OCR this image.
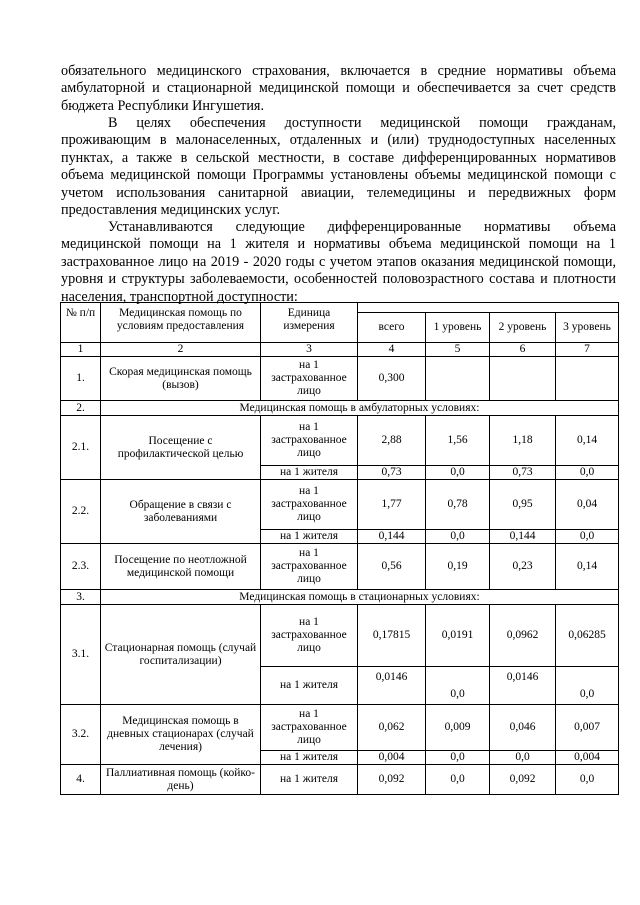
обязательного медицинского страхования, включается в средние нормативы объема амбулаторной и стационарной медицинской помощи и обеспечивается за счет средств бюджета Республики Ингушетия.

В целях обеспечения доступности медицинской помощи гражданам, проживающим в малонаселенных, отдаленных и (или) труднодоступных населенных пунктах, а также в сельской местности, в составе дифференцированных нормативов объема медицинской помощи Программы установлены объемы медицинской помощи с учетом использования санитарной авиации, телемедицины и передвижных форм предоставления медицинских услуг.

Устанавливаются следующие дифференцированные нормативы объема медицинской помощи на 1 жителя и нормативы объема медицинской помощи на 1 застрахованное лицо на 2019 - 2020 годы с учетом этапов оказания медицинской помощи, уровня и структуры заболеваемости, особенностей половозрастного состава и плотности населения, транспортной доступности:

№ п/п	Медицинская помощь по условиям предоставления	Единица измерения				
			всего	1 уровень	2 уровень	3 уровень
1	2	3	4	5	6	7
1.	Скорая медицинская помощь (вызов)	на 1 застрахованное лицо	0,300			
2.	Медицинская помощь в амбулаторных условиях:					
2.1.	Посещение с профилактической целью	на 1 застрахованное лицо	2,88	1,56	1,18	0,14
		на 1 жителя	0,73	0,0	0,73	0,0
2.2.	Обращение в связи с заболеваниями	на 1 застрахованное лицо	1,77	0,78	0,95	0,04
		на 1 жителя	0,144	0,0	0,144	0,0
2.3.	Посещение по неотложной медицинской помощи	на 1 застрахованное лицо	0,56	0,19	0,23	0,14
3.	Медицинская помощь в стационарных условиях:					
3.1.	Стационарная помощь (случай госпитализации)	на 1 застрахованное лицо	0,17815	0,0191	0,0962	0,06285
		на 1 жителя	0,0146	0,0	0,0146	0,0
3.2.	Медицинская помощь в дневных стационарах (случай лечения)	на 1 застрахованное лицо	0,062	0,009	0,046	0,007
		на 1 жителя	0,004	0,0	0,0	0,004
4.	Паллиативная помощь (койко-день)	на 1 жителя	0,092	0,0	0,092	0,0
